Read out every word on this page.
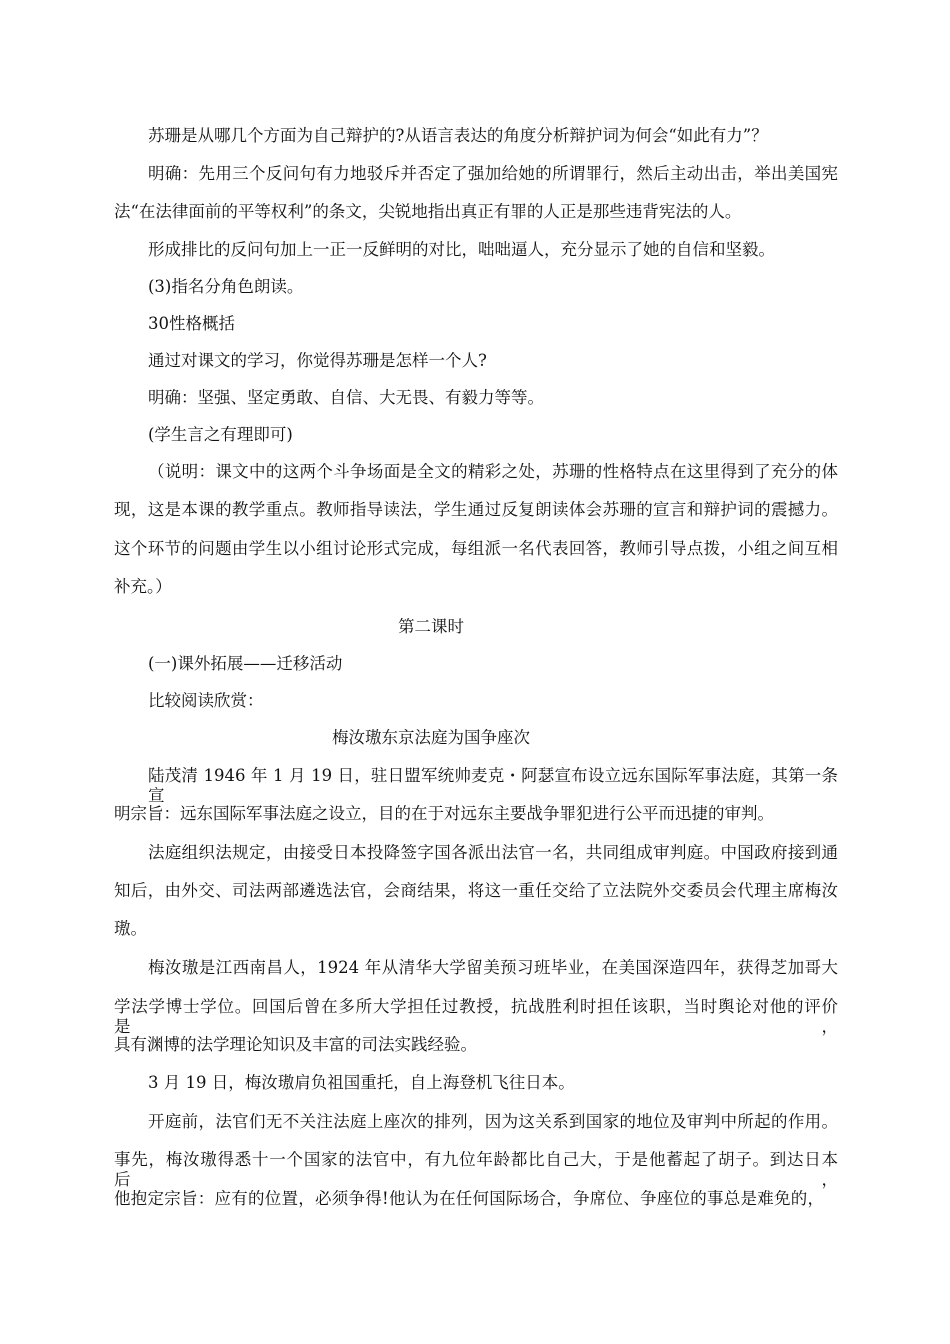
苏珊是从哪几个方面为自己辩护的?从语言表达的角度分析辩护词为何会“如此有力”？
明确：先用三个反问句有力地驳斥并否定了强加给她的所谓罪行，然后主动出击，举出美国宪
法“在法律面前的平等权利”的条文，尖锐地指出真正有罪的人正是那些违背宪法的人。
形成排比的反问句加上一正一反鲜明的对比，咄咄逼人，充分显示了她的自信和坚毅。
(3)指名分角色朗读。
30性格概括
通过对课文的学习，你觉得苏珊是怎样一个人?
明确：坚强、坚定勇敢、自信、大无畏、有毅力等等。
(学生言之有理即可)
（说明：课文中的这两个斗争场面是全文的精彩之处，苏珊的性格特点在这里得到了充分的体
现，这是本课的教学重点。教师指导读法，学生通过反复朗读体会苏珊的宣言和辩护词的震撼力。
这个环节的问题由学生以小组讨论形式完成，每组派一名代表回答，教师引导点拨，小组之间互相
补充。）
第二课时
(一)课外拓展——迁移活动
比较阅读欣赏：
梅汝璈东京法庭为国争座次
陆茂清 1946 年 1 月 19 日，驻日盟军统帅麦克・阿瑟宣布设立远东国际军事法庭，其第一条宣
明宗旨：远东国际军事法庭之设立，目的在于对远东主要战争罪犯进行公平而迅捷的审判。
法庭组织法规定，由接受日本投降签字国各派出法官一名，共同组成审判庭。中国政府接到通
知后，由外交、司法两部遴选法官，会商结果，将这一重任交给了立法院外交委员会代理主席梅汝
璈。
梅汝璈是江西南昌人，1924 年从清华大学留美预习班毕业，在美国深造四年，获得芝加哥大
学法学博士学位。回国后曾在多所大学担任过教授，抗战胜利时担任该职，当时舆论对他的评价是，
具有渊博的法学理论知识及丰富的司法实践经验。
3 月 19 日，梅汝璈肩负祖国重托，自上海登机飞往日本。
开庭前，法官们无不关注法庭上座次的排列，因为这关系到国家的地位及审判中所起的作用。
事先，梅汝璈得悉十一个国家的法官中，有九位年龄都比自己大，于是他蓄起了胡子。到达日本后，
他抱定宗旨：应有的位置，必须争得!他认为在任何国际场合，争席位、争座位的事总是难免的，
